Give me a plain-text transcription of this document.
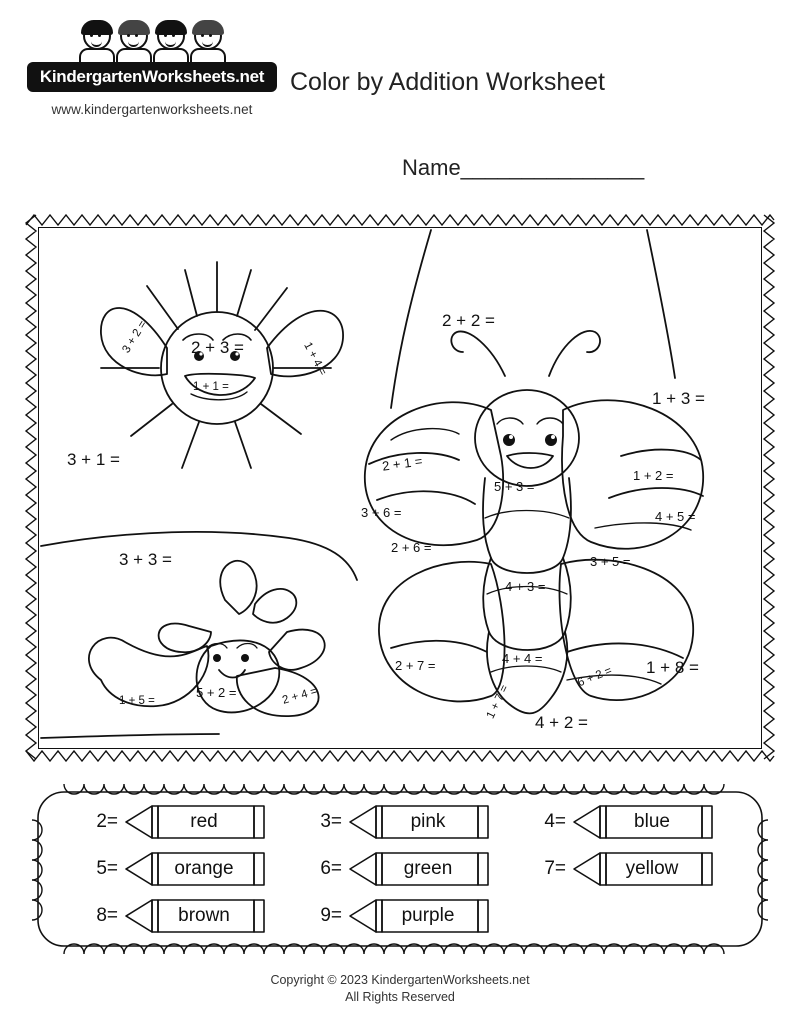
KindergartenWorksheets.net
www.kindergartenworksheets.net
Color by Addition Worksheet
Name_______________
3 + 2 = 2 + 3 =	1 + 4 =
1 + 1 =
3 + 1 =
3 + 3 =
1 + 5 =
5 + 2 =	2 + 4 =
2 + 2 =
1 + 3 =
2 + 1 =
5 + 3 =
1 + 2 =
3 + 6 =	4 + 5 =
2 + 6 =
3 + 5 =
4 + 3 =
4 + 4 =
2 + 7 =	6 + 2 = 1 + 8 =
1 + 7 =
4 + 2 =
2=	red	3=	pink	4=	blue
5=	orange	6=	green	7=	yellow
8=	brown	9=	purple
Copyright © 2023 KindergartenWorksheets.net
All Rights Reserved
